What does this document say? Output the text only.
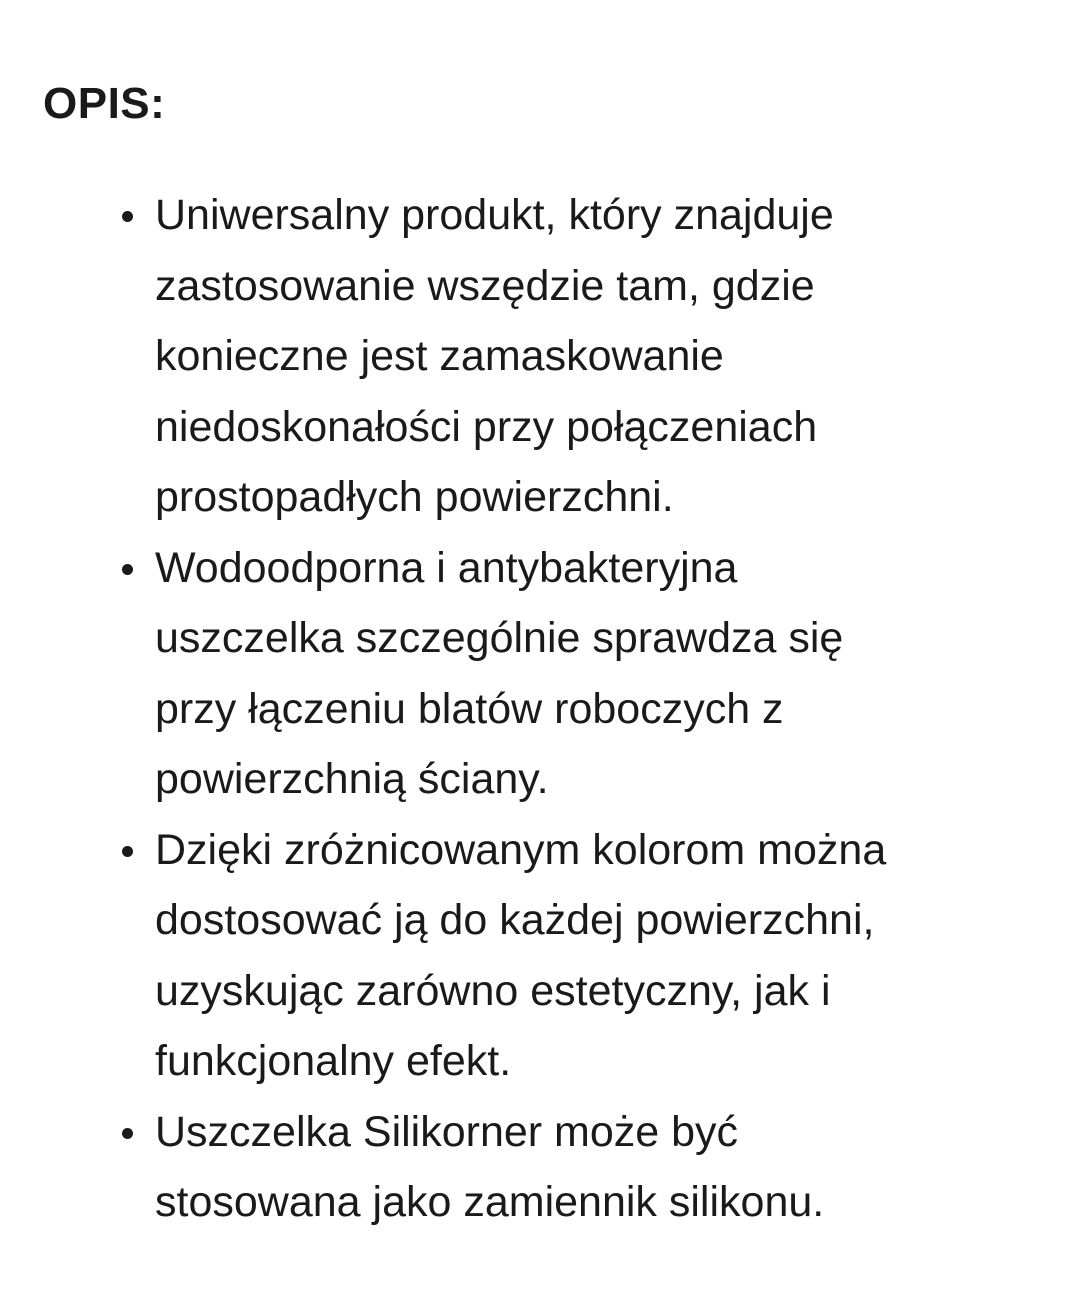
OPIS:
Uniwersalny produkt, który znajduje
zastosowanie wszędzie tam, gdzie
konieczne jest zamaskowanie
niedoskonałości przy połączeniach
prostopadłych powierzchni.
Wodoodporna i antybakteryjna
uszczelka szczególnie sprawdza się
przy łączeniu blatów roboczych z
powierzchnią ściany.
Dzięki zróżnicowanym kolorom można
dostosować ją do każdej powierzchni,
uzyskując zarówno estetyczny, jak i
funkcjonalny efekt.
Uszczelka Silikorner może być
stosowana jako zamiennik silikonu.
